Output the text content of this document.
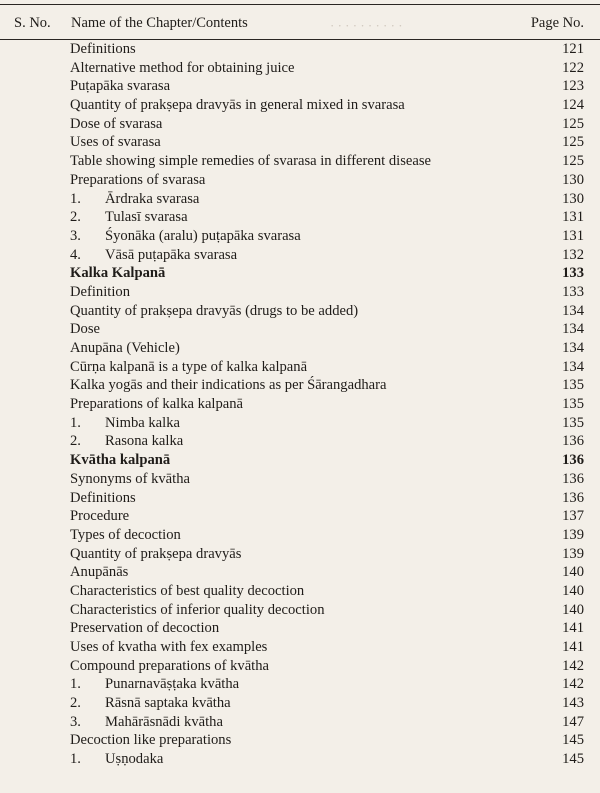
· · · · · · · · · ·
S. No. Name of the Chapter/Contents	Page No.
Definitions	121
Alternative method for obtaining juice	122
Puṭapāka svarasa	123
Quantity of prakṣepa dravyās in general mixed in svarasa	124
Dose of svarasa	125
Uses of svarasa	125
Table showing simple remedies of svarasa in different disease	125
Preparations of svarasa	130
1. Ārdraka svarasa	130
2. Tulasī svarasa	131
3. Śyonāka (aralu) puṭapāka svarasa	131
4. Vāsā puṭapāka svarasa	132
Kalka Kalpanā	133
Definition	133
Quantity of prakṣepa dravyās (drugs to be added)	134
Dose	134
Anupāna (Vehicle)	134
Cūrṇa kalpanā is a type of kalka kalpanā	134
Kalka yogās and their indications as per Śārangadhara	135
Preparations of kalka kalpanā	135
1. Nimba kalka	135
2. Rasona kalka	136
Kvātha kalpanā	136
Synonyms of kvātha	136
Definitions	136
Procedure	137
Types of decoction	139
Quantity of prakṣepa dravyās	139
Anupānās	140
Characteristics of best quality decoction	140
Characteristics of inferior quality decoction	140
Preservation of decoction	141
Uses of kvatha with fex examples	141
Compound preparations of kvātha	142
1. Punarnavāṣṭaka kvātha	142
2. Rāsnā saptaka kvātha	143
3. Mahārāsnādi kvātha	147
Decoction like preparations	145
1. Uṣṇodaka	145
